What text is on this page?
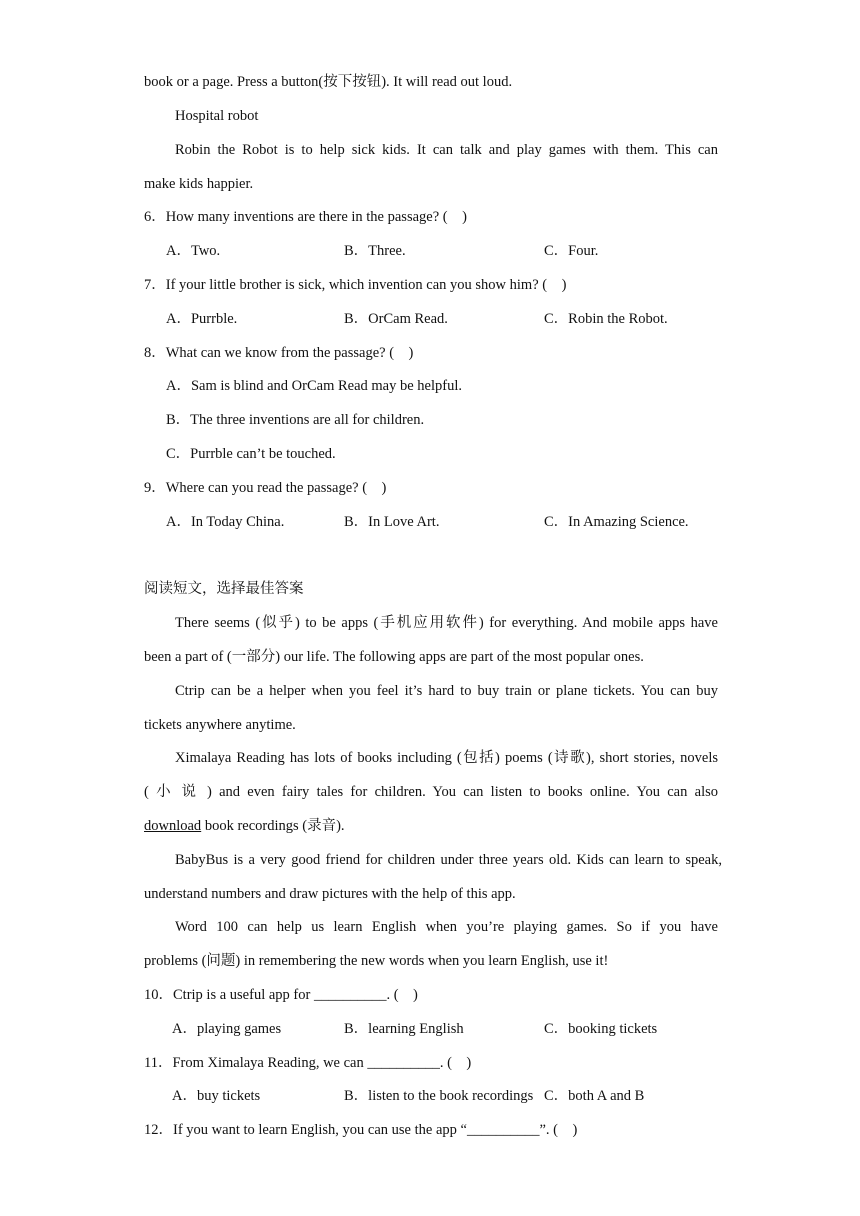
book or a page. Press a button(按下按钮). It will read out loud.
Hospital robot
Robin the Robot is to help sick kids. It can talk and play games with them. This can
make kids happier.
6．How many inventions are there in the passage? (　)
A．Two.	B．Three.	C．Four.
7．If your little brother is sick, which invention can you show him? (　)
A．Purrble.	B．OrCam Read.	C．Robin the Robot.
8．What can we know from the passage? (　)
A．Sam is blind and OrCam Read may be helpful.
B．The three inventions are all for children.
C．Purrble can’t be touched.
9．Where can you read the passage? (　)
A．In Today China.	B．In Love Art.	C．In Amazing Science.
阅读短文，选择最佳答案
There seems (似乎) to be apps (手机应用软件) for everything. And mobile apps have
been a part of (一部分) our life. The following apps are part of the most popular ones.
Ctrip can be a helper when you feel it’s hard to buy train or plane tickets. You can buy
tickets anywhere anytime.
Ximalaya Reading has lots of books including (包括) poems (诗歌), short stories, novels
( 小 说 ) and even fairy tales for children. You can listen to books online. You can also
download book recordings (录音).
BabyBus is a very good friend for children under three years old. Kids can learn to speak,
understand numbers and draw pictures with the help of this app.
Word 100 can help us learn English when you’re playing games. So if you have
problems (问题) in remembering the new words when you learn English, use it!
10．Ctrip is a useful app for __________. (　)
A．playing games	B．learning English	C．booking tickets
11．From Ximalaya Reading, we can __________. (　)
A．buy tickets	B．listen to the book recordings C．both A and B
12．If you want to learn English, you can use the app “__________”. (　)
